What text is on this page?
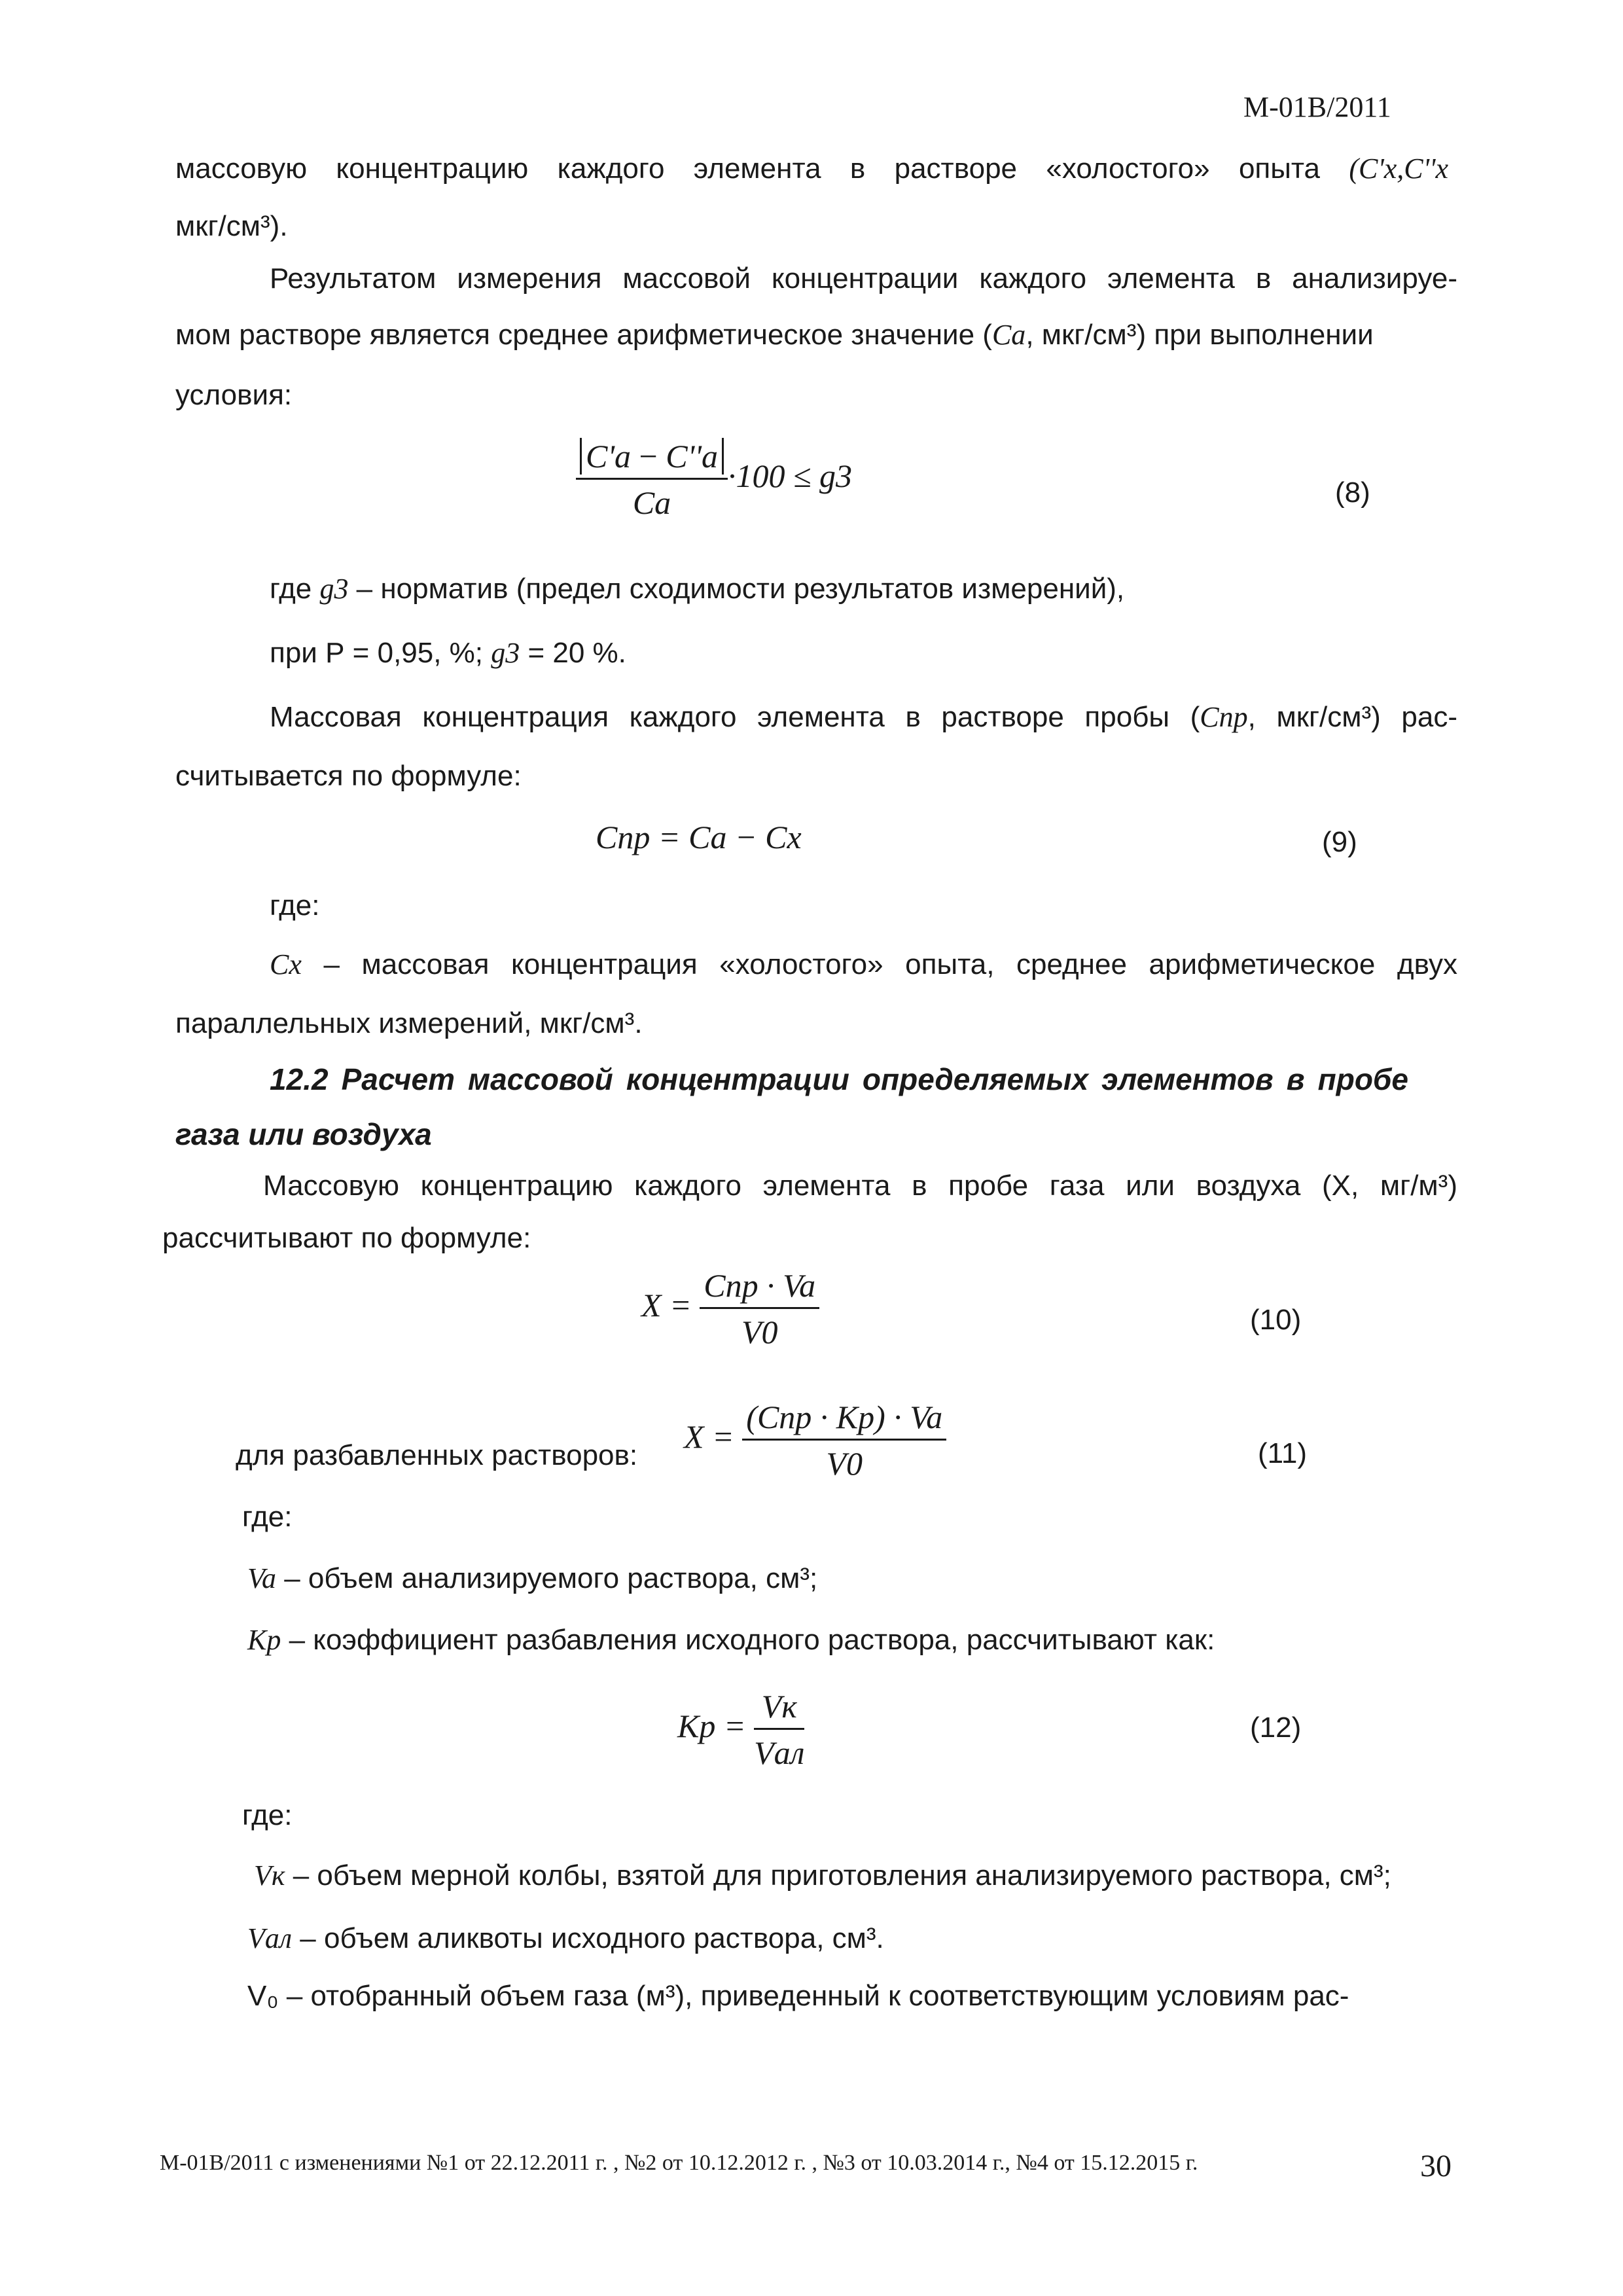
М-01В/2011
массовую концентрацию каждого элемента в растворе «холостого» опыта (C'x,C''x
мкг/см³).
Результатом измерения массовой концентрации каждого элемента в анализируе-
мом растворе является среднее арифметическое значение (Ca, мкг/см³) при выполнении
условия:
$\frac{C'a - C''a}{Ca} \cdot 100 \le g3$	(8)
где g3 – норматив (предел сходимости результатов измерений),
при Р = 0,95, %; g3 = 20 %.
Массовая концентрация каждого элемента в растворе пробы (Cпр, мкг/см³) рас-
считывается по формуле:
Cпр = Ca − Cx	(9)
где:
Cx – массовая концентрация «холостого» опыта, среднее арифметическое двух
параллельных измерений, мкг/см³.
12.2 Расчет массовой концентрации определяемых элементов в пробе
газа или воздуха
Массовую концентрацию каждого элемента в пробе газа или воздуха (Х, мг/м³)
рассчитывают по формуле:
$X = \frac{\text{Cпр · Va}}{V0}$	(10)
для разбавленных растворов:
$X = \frac{\text{(Cпр · Kp) · Va}}{V0}$	(11)
где:
Va – объем анализируемого раствора, см³;
Kp – коэффициент разбавления исходного раствора, рассчитывают как:
$Kp = \frac{Vк}{\text{Vал}}$	(12)
где:
Vк – объем мерной колбы, взятой для приготовления анализируемого раствора, см³;
Vал – объем аликвоты исходного раствора, см³.
V₀ – отобранный объем газа (м³), приведенный к соответствующим условиям рас-
М-01В/2011 с изменениями №1 от 22.12.2011 г. , №2 от 10.12.2012 г. , №3 от 10.03.2014 г., №4 от 15.12.2015 г.	30
